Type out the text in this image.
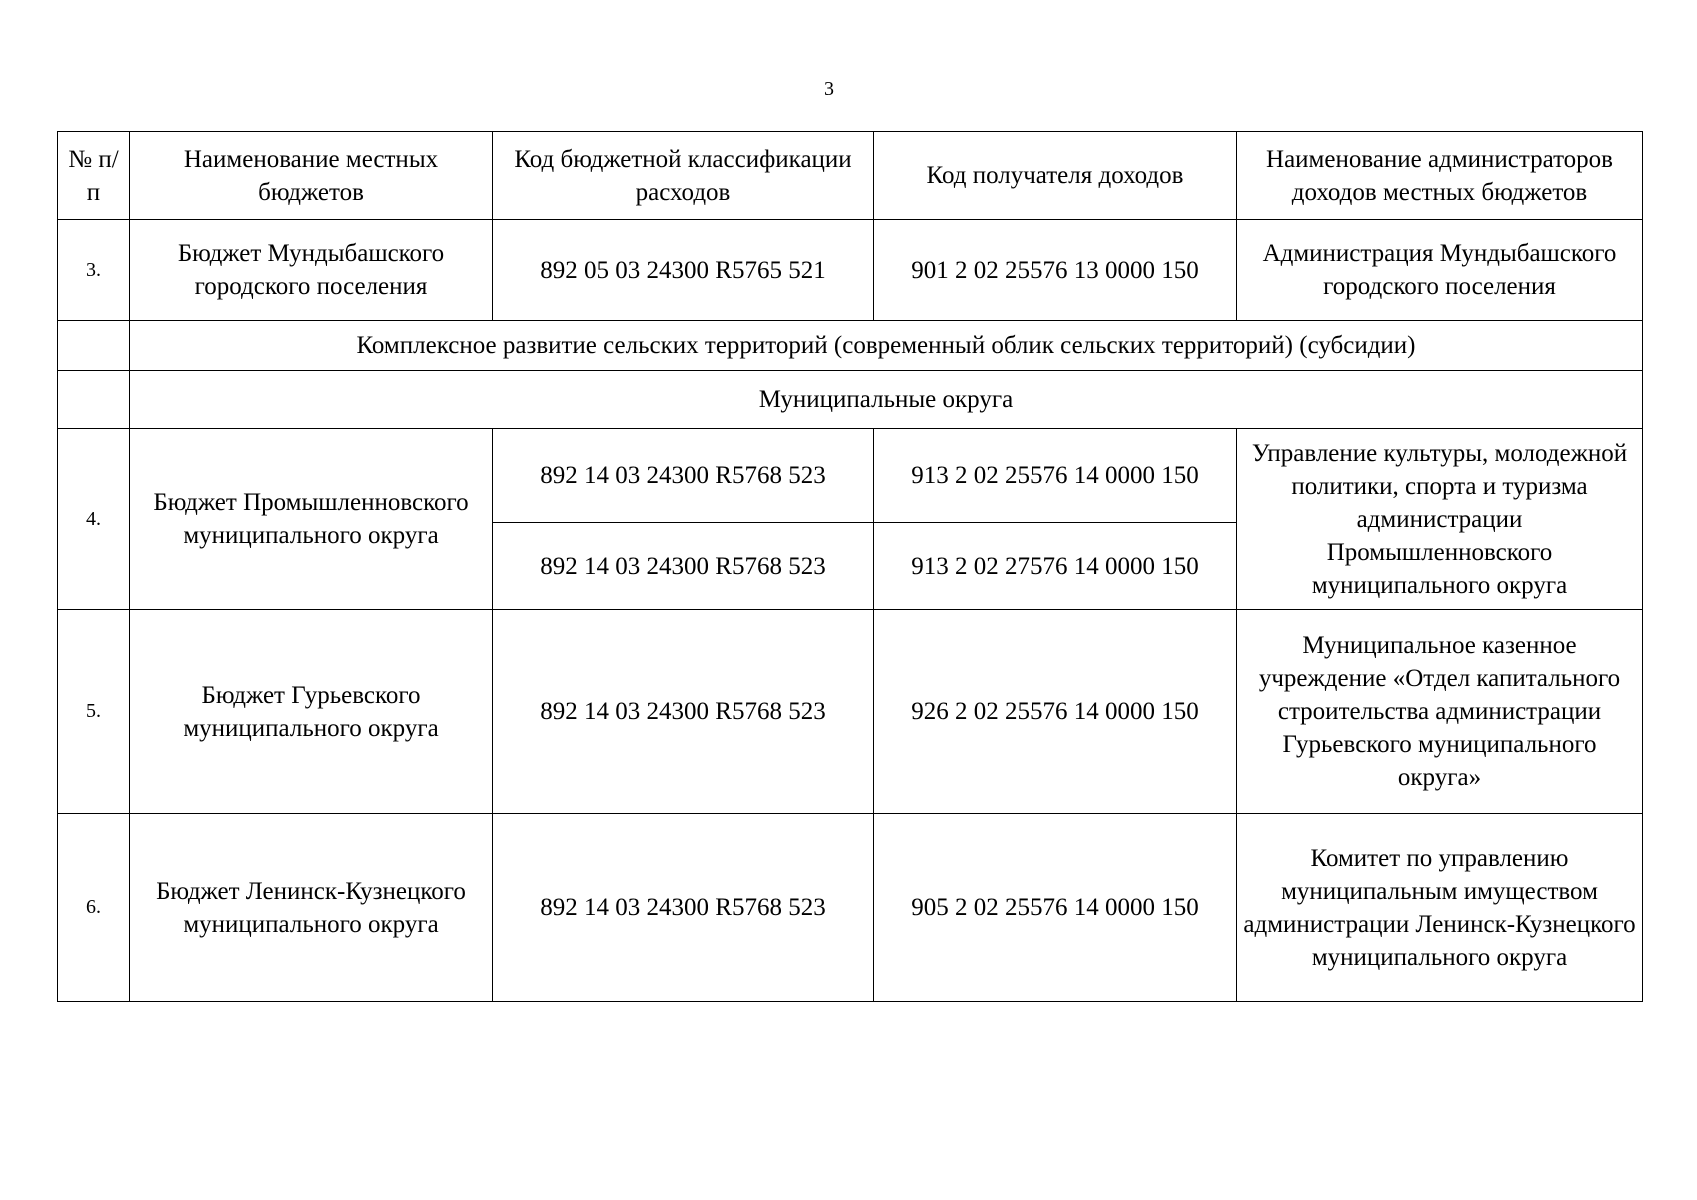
3
№ п/п	Наименование местных бюджетов	Код бюджетной классификации расходов	Код получателя доходов	Наименование администраторов доходов местных бюджетов
3.	Бюджет Мундыбашского городского поселения	892 05 03 24300 R5765 521	901 2 02 25576 13 0000 150	Администрация Мундыбашского городского поселения
	Комплексное развитие сельских территорий (современный облик сельских территорий) (субсидии)			
	Муниципальные округа			
4.	Бюджет Промышленновского муниципального округа	892 14 03 24300 R5768 523	913 2 02 25576 14 0000 150	Управление культуры, молодежной политики, спорта и туризма администрации Промышленновского муниципального округа
		892 14 03 24300 R5768 523	913 2 02 27576 14 0000 150	
5.	Бюджет Гурьевского муниципального округа	892 14 03 24300 R5768 523	926 2 02 25576 14 0000 150	Муниципальное казенное учреждение «Отдел капитального строительства администрации Гурьевского муниципального округа»
6.	Бюджет Ленинск-Кузнецкого муниципального округа	892 14 03 24300 R5768 523	905 2 02 25576 14 0000 150	Комитет по управлению муниципальным имуществом администрации Ленинск-Кузнецкого муниципального округа
